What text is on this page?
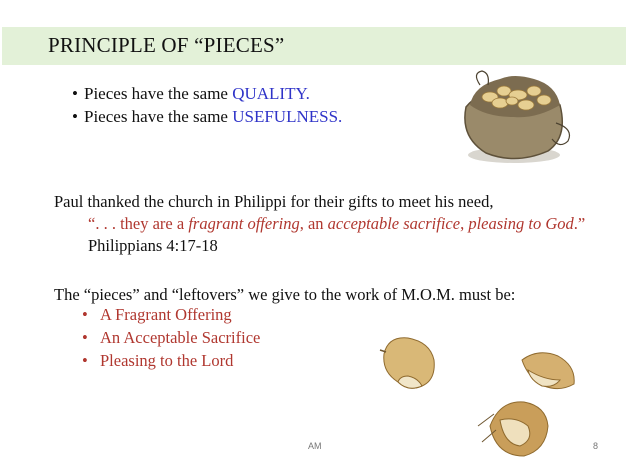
PRINCIPLE OF “PIECES”
• Pieces have the same QUALITY.
• Pieces have the same USEFULNESS.
Paul thanked the church in Philippi for their gifts to meet his need,
“. . . they are a fragrant offering, an acceptable sacrifice, pleasing to God.” Philippians 4:17-18
The “pieces” and “leftovers” we give to the work of M.O.M. must be:
• A Fragrant Offering
• An Acceptable Sacrifice
• Pleasing to the Lord
AM	8
